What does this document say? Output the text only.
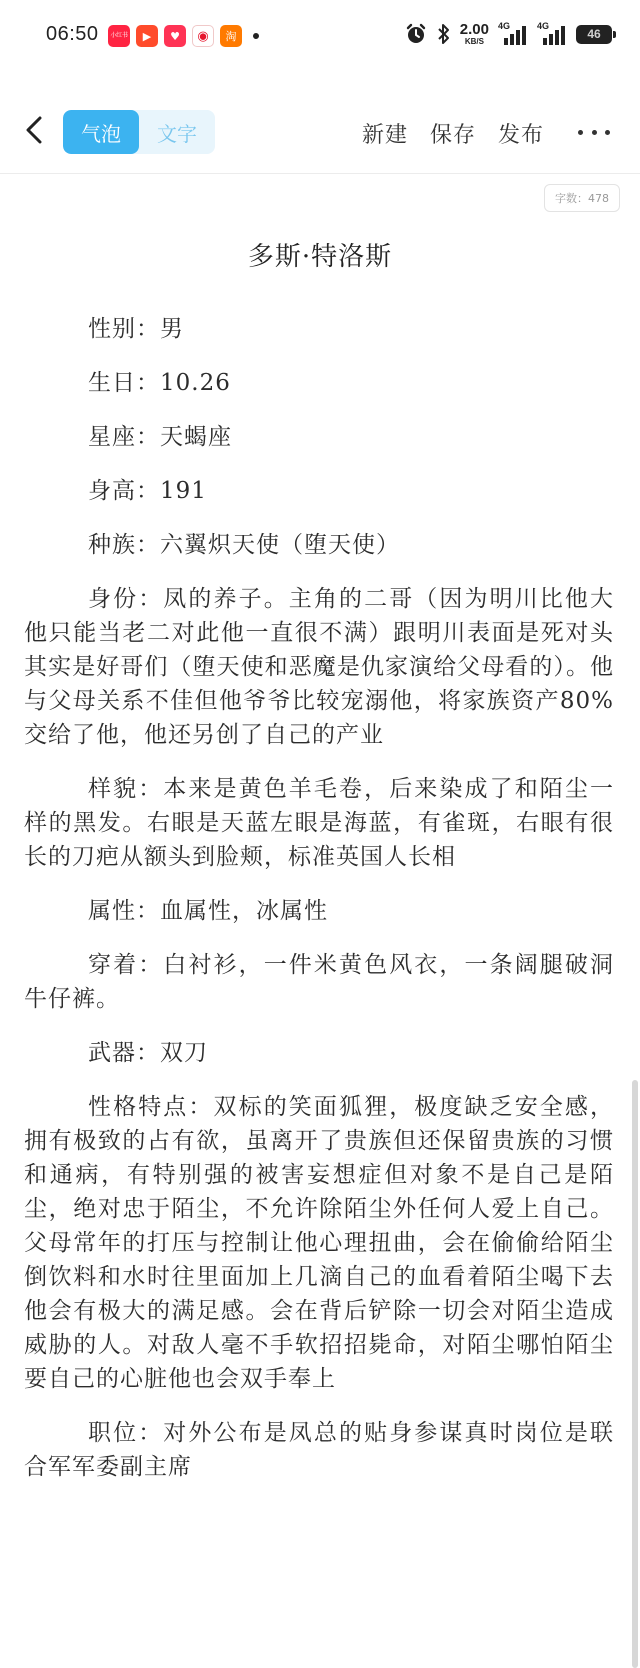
06:50	小红书	▶	♥	◉	淘	2.00
KB/S
4G	4G
46
气泡	文字	新建 保存 发布
字数：478
多斯·特洛斯

性别：男

生日：10.26

星座：天蝎座

身高：191

种族：六翼炽天使（堕天使）

身份：凤的养子。主角的二哥（因为明川比他大他只能当老二对此他一直很不满）跟明川表面是死对头其实是好哥们（堕天使和恶魔是仇家演给父母看的）。他与父母关系不佳但他爷爷比较宠溺他，将家族资产80%交给了他，他还另创了自己的产业

样貌：本来是黄色羊毛卷，后来染成了和陌尘一样的黑发。右眼是天蓝左眼是海蓝，有雀斑，右眼有很长的刀疤从额头到脸颊，标准英国人长相

属性：血属性，冰属性

穿着：白衬衫，一件米黄色风衣，一条阔腿破洞牛仔裤。

武器：双刀

性格特点：双标的笑面狐狸，极度缺乏安全感，拥有极致的占有欲，虽离开了贵族但还保留贵族的习惯和通病，有特别强的被害妄想症但对象不是自己是陌尘，绝对忠于陌尘，不允许除陌尘外任何人爱上自己。父母常年的打压与控制让他心理扭曲，会在偷偷给陌尘倒饮料和水时往里面加上几滴自己的血看着陌尘喝下去他会有极大的满足感。会在背后铲除一切会对陌尘造成威胁的人。对敌人毫不手软招招毙命，对陌尘哪怕陌尘要自己的心脏他也会双手奉上

职位：对外公布是凤总的贴身参谋真时岗位是联合军军委副主席
